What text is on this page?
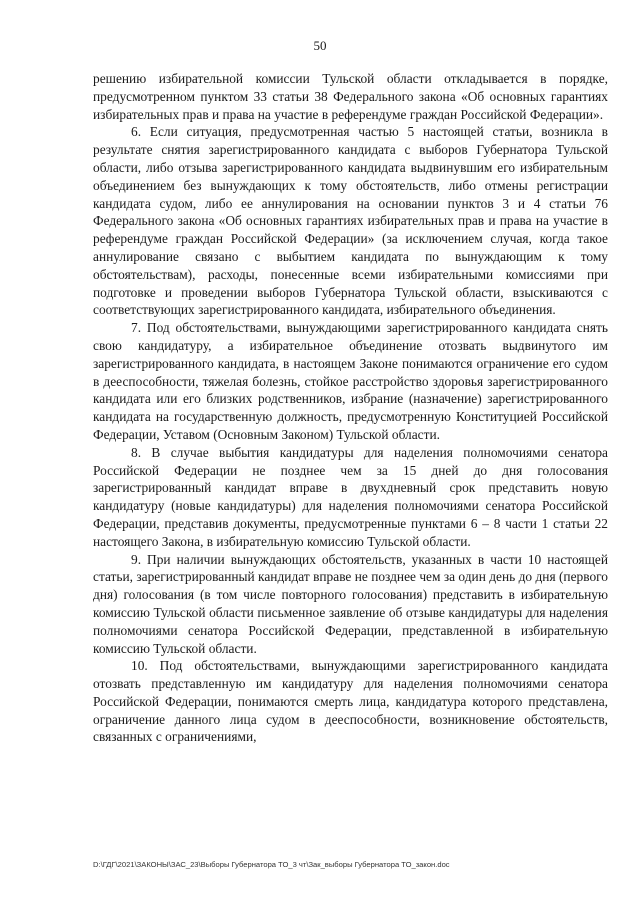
50

решению избирательной комиссии Тульской области откладывается в порядке, предусмотренном пунктом 33 статьи 38 Федерального закона «Об основных гарантиях избирательных прав и права на участие в референдуме граждан Российской Федерации».

6. Если ситуация, предусмотренная частью 5 настоящей статьи, возникла в результате снятия зарегистрированного кандидата с выборов Губернатора Тульской области, либо отзыва зарегистрированного кандидата выдвинувшим его избирательным объединением без вынуждающих к тому обстоятельств, либо отмены регистрации кандидата судом, либо ее аннулирования на основании пунктов 3 и 4 статьи 76 Федерального закона «Об основных гарантиях избирательных прав и права на участие в референдуме граждан Российской Федерации» (за исключением случая, когда такое аннулирование связано с выбытием кандидата по вынуждающим к тому обстоятельствам), расходы, понесенные всеми избирательными комиссиями при подготовке и проведении выборов Губернатора Тульской области, взыскиваются с соответствующих зарегистрированного кандидата, избирательного объединения.

7. Под обстоятельствами, вынуждающими зарегистрированного кандидата снять свою кандидатуру, а избирательное объединение отозвать выдвинутого им зарегистрированного кандидата, в настоящем Законе понимаются ограничение его судом в дееспособности, тяжелая болезнь, стойкое расстройство здоровья зарегистрированного кандидата или его близких родственников, избрание (назначение) зарегистрированного кандидата на государственную должность, предусмотренную Конституцией Российской Федерации, Уставом (Основным Законом) Тульской области.

8. В случае выбытия кандидатуры для наделения полномочиями сенатора Российской Федерации не позднее чем за 15 дней до дня голосования зарегистрированный кандидат вправе в двухдневный срок представить новую кандидатуру (новые кандидатуры) для наделения полномочиями сенатора Российской Федерации, представив документы, предусмотренные пунктами 6 – 8 части 1 статьи 22 настоящего Закона, в избирательную комиссию Тульской области.

9. При наличии вынуждающих обстоятельств, указанных в части 10 настоящей статьи, зарегистрированный кандидат вправе не позднее чем за один день до дня (первого дня) голосования (в том числе повторного голосования) представить в избирательную комиссию Тульской области письменное заявление об отзыве кандидатуры для наделения полномочиями сенатора Российской Федерации, представленной в избирательную комиссию Тульской области.

10. Под обстоятельствами, вынуждающими зарегистрированного кандидата отозвать представленную им кандидатуру для наделения полномочиями сенатора Российской Федерации, понимаются смерть лица, кандидатура которого представлена, ограничение данного лица судом в дееспособности, возникновение обстоятельств, связанных с ограничениями,

D:\ГДГ\2021\ЗАКОНЫ\ЗАС_23\Выборы Губернатора ТО_3 чт\Зак_выборы Губернатора ТО_закон.doc
